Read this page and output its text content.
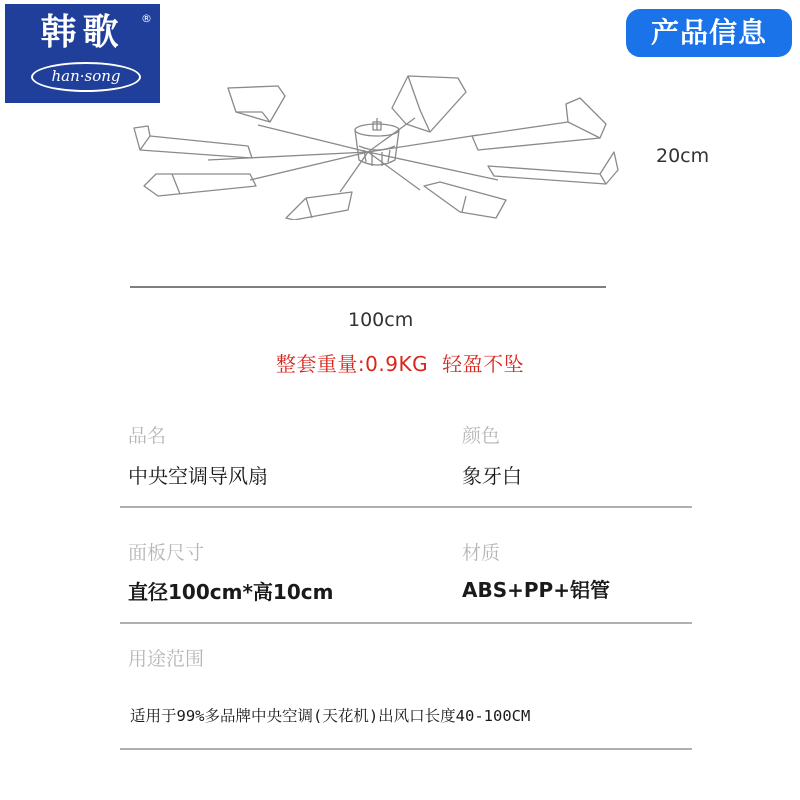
韩歌	®
han·song
产品信息
20cm
100cm
整套重量:0.9KG 轻盈不坠
品名	颜色
中央空调导风扇	象牙白
面板尺寸	材质
直径100cm*高10cm	ABS+PP+铝管
用途范围
适用于99%多品牌中央空调(天花机)出风口长度40-100CM
